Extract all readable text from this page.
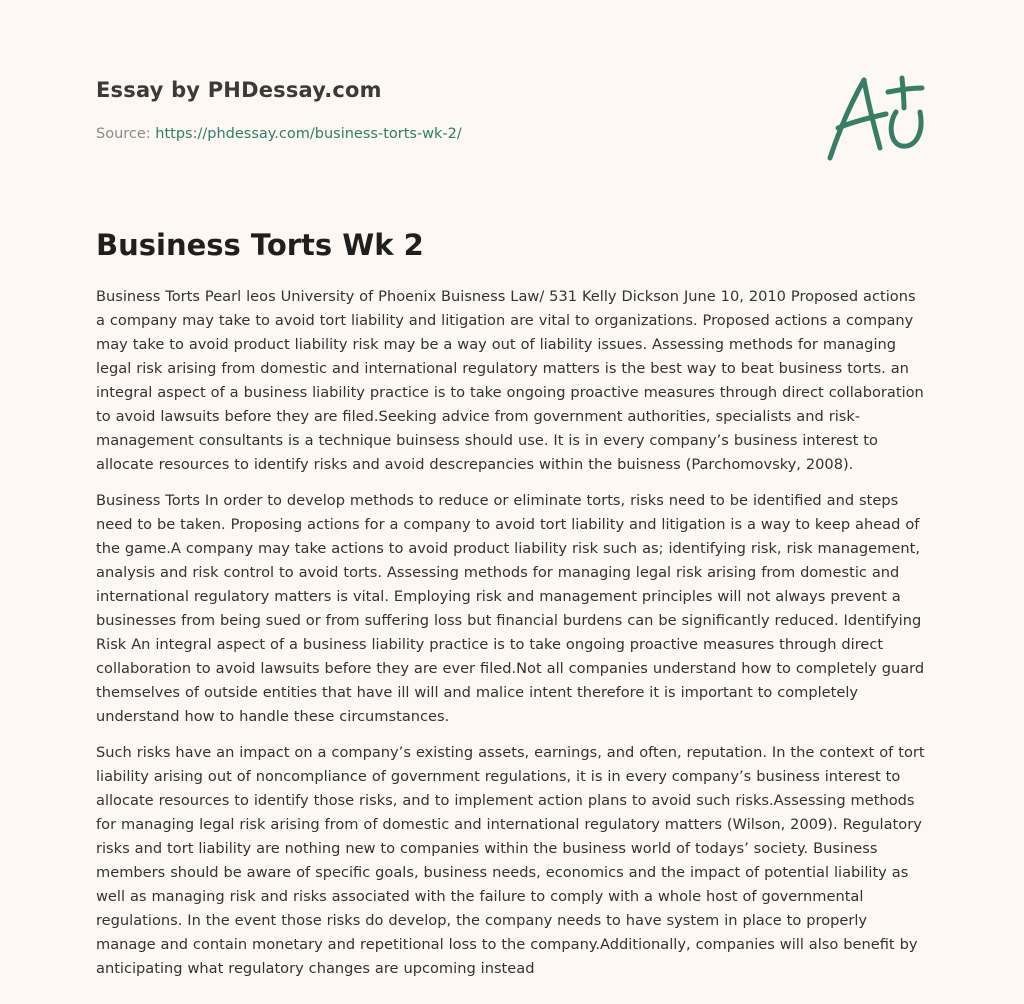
Essay by PHDessay.com
Source: https://phdessay.com/business-torts-wk-2/
Business Torts Wk 2

Business Torts Pearl leos University of Phoenix Buisness Law/ 531 Kelly Dickson June 10, 2010 Proposed actions a company may take to avoid tort liability and litigation are vital to organizations. Proposed actions a company may take to avoid product liability risk may be a way out of liability issues. Assessing methods for managing legal risk arising from domestic and international regulatory matters is the best way to beat business torts. an integral aspect of a business liability practice is to take ongoing proactive measures through direct collaboration to avoid lawsuits before they are filed.Seeking advice from government authorities, specialists and risk-management consultants is a technique buinsess should use. It is in every company’s business interest to allocate resources to identify risks and avoid descrepancies within the buisness (Parchomovsky, 2008).

Business Torts In order to develop methods to reduce or eliminate torts, risks need to be identified and steps need to be taken. Proposing actions for a company to avoid tort liability and litigation is a way to keep ahead of the game.A company may take actions to avoid product liability risk such as; identifying risk, risk management, analysis and risk control to avoid torts. Assessing methods for managing legal risk arising from domestic and international regulatory matters is vital. Employing risk and management principles will not always prevent a businesses from being sued or from suffering loss but financial burdens can be significantly reduced. Identifying Risk An integral aspect of a business liability practice is to take ongoing proactive measures through direct collaboration to avoid lawsuits before they are ever filed.Not all companies understand how to completely guard themselves of outside entities that have ill will and malice intent therefore it is important to completely understand how to handle these circumstances.

Such risks have an impact on a company’s existing assets, earnings, and often, reputation. In the context of tort liability arising out of noncompliance of government regulations, it is in every company’s business interest to allocate resources to identify those risks, and to implement action plans to avoid such risks.Assessing methods for managing legal risk arising from of domestic and international regulatory matters (Wilson, 2009). Regulatory risks and tort liability are nothing new to companies within the business world of todays’ society. Business members should be aware of specific goals, business needs, economics and the impact of potential liability as well as managing risk and risks associated with the failure to comply with a whole host of governmental regulations. In the event those risks do develop, the company needs to have system in place to properly manage and contain monetary and repetitional loss to the company.Additionally, companies will also benefit by anticipating what regulatory changes are upcoming instead
